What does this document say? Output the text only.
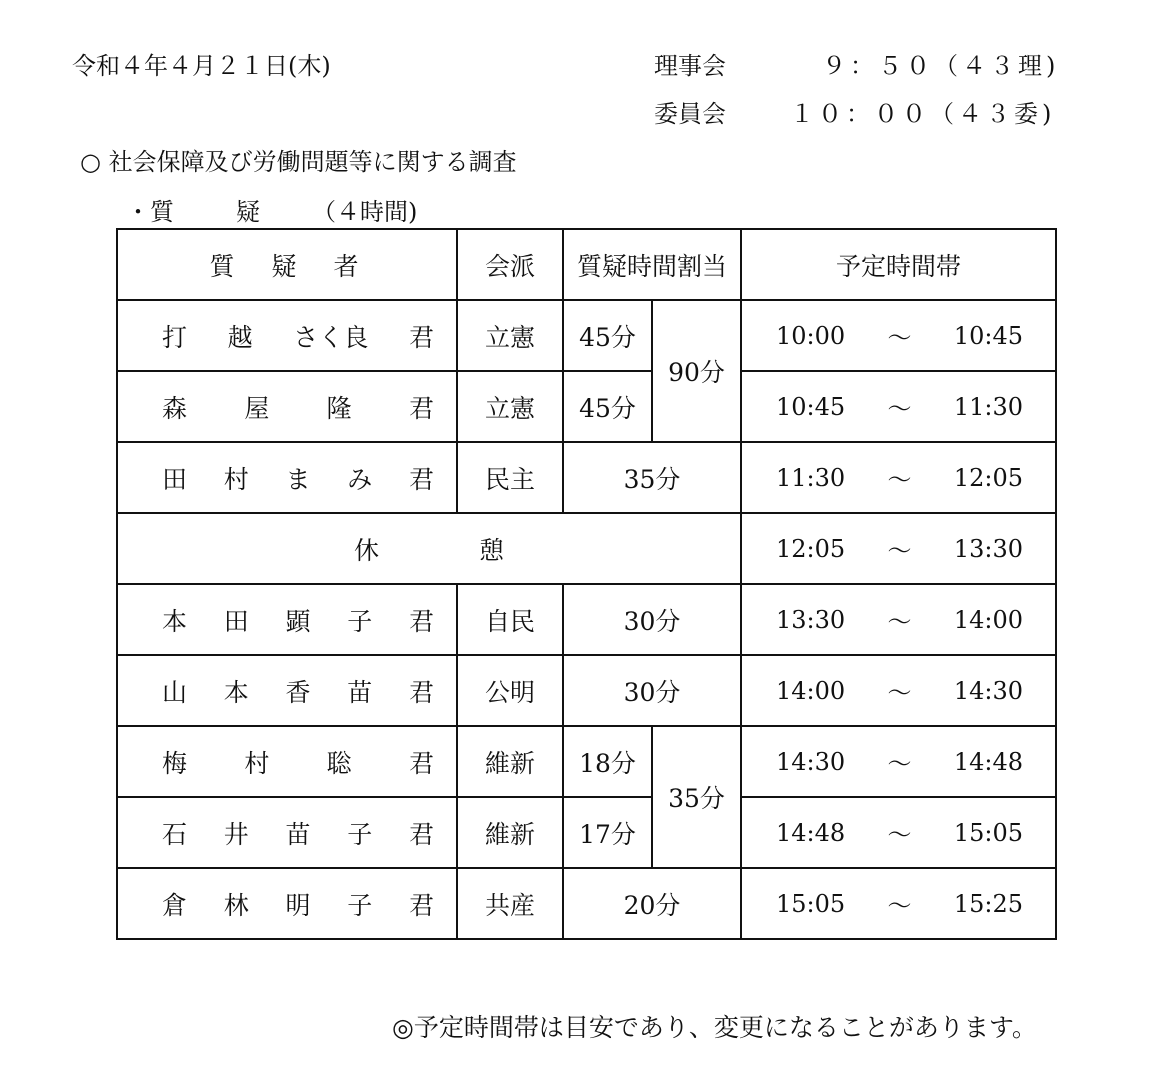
令和４年４月２１日(木)	理事会	９：５０（４３理)
委員会	１０：００（４３委)
○ 社会保障及び労働問題等に関する調査
・質	疑 （４時間)
質　疑　者	会派	質疑時間割当		予定時間帯

打 越 さく良 君	立憲	45分	90分	10:00 ～ 10:45

森 屋 隆 君	立憲	45分		10:45 ～ 11:30

田 村 ま み 君	民主	35分		11:30 ～ 12:05

休　　　　憩				12:05 ～ 13:30

本 田 顕 子 君	自民	30分		13:30 ～ 14:00

山 本 香 苗 君	公明	30分		14:00 ～ 14:30

梅 村 聡 君	維新	18分	35分	14:30 ～ 14:48

石 井 苗 子 君	維新	17分		14:48 ～ 15:05

倉 林 明 子 君	共産	20分		15:05 ～ 15:25
◎予定時間帯は目安であり、変更になることがあります。
